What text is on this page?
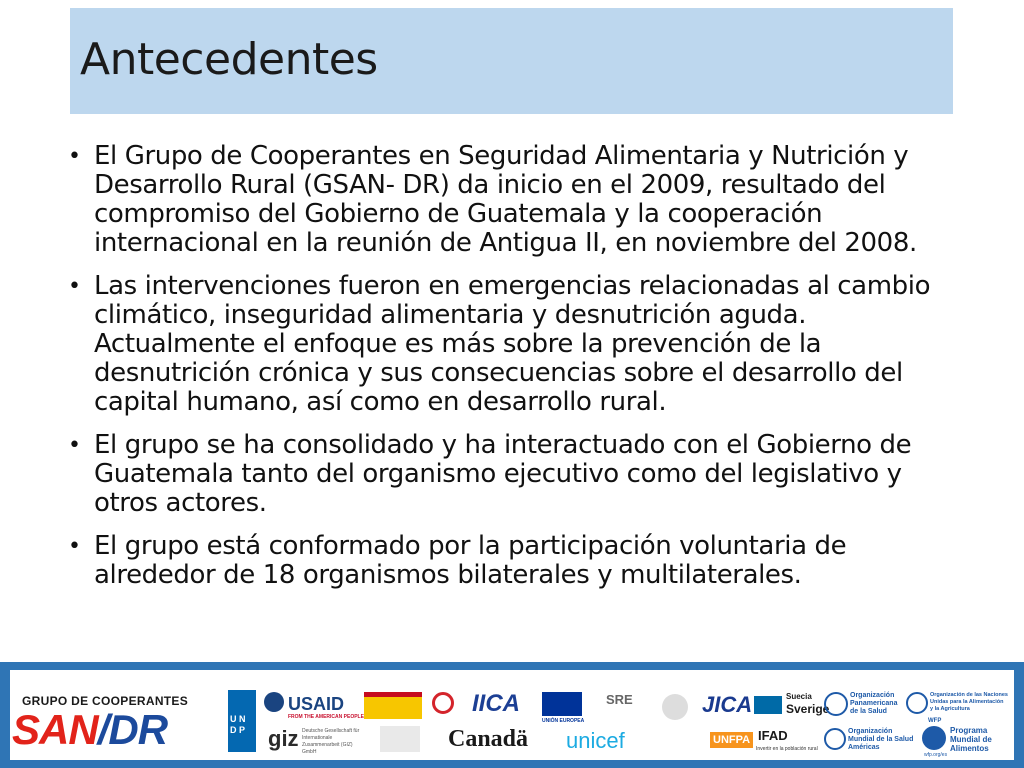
Antecedentes
• El Grupo de Cooperantes en Seguridad Alimentaria y Nutrición y Desarrollo Rural (GSAN- DR) da inicio en el 2009, resultado del compromiso del Gobierno de Guatemala y la cooperación internacional en la reunión de Antigua II, en noviembre del 2008.
• Las intervenciones fueron en emergencias relacionadas al cambio climático, inseguridad alimentaria y desnutrición aguda. Actualmente el enfoque es más sobre la prevención de la desnutrición crónica y sus consecuencias sobre el desarrollo del capital humano, así como en desarrollo rural.
• El grupo se ha consolidado y ha interactuado con el Gobierno de Guatemala tanto del organismo ejecutivo como del legislativo y otros actores.
• El grupo está conformado por la participación voluntaria de alrededor de 18 organismos bilaterales y multilaterales.
GRUPO DE COOPERANTES
SAN/DR	U N D P
USAID
FROM THE AMERICAN PEOPLE
giz Deutsche Gesellschaft für Internationale Zusammenarbeit (GIZ) GmbH
IICA
Canadä
UNIÓN EUROPEA
SRE
unicef
JICA
UNFPA
Suecia
Sverige
IFAD
Invertir en la población rural
Organización
Panamericana
de la Salud
Organización
Mundial de la Salud
Américas
Organización de las Naciones
Unidas para la Alimentación
y la Agricultura
WFP
Programa
Mundial de
Alimentos
wfp.org/es
